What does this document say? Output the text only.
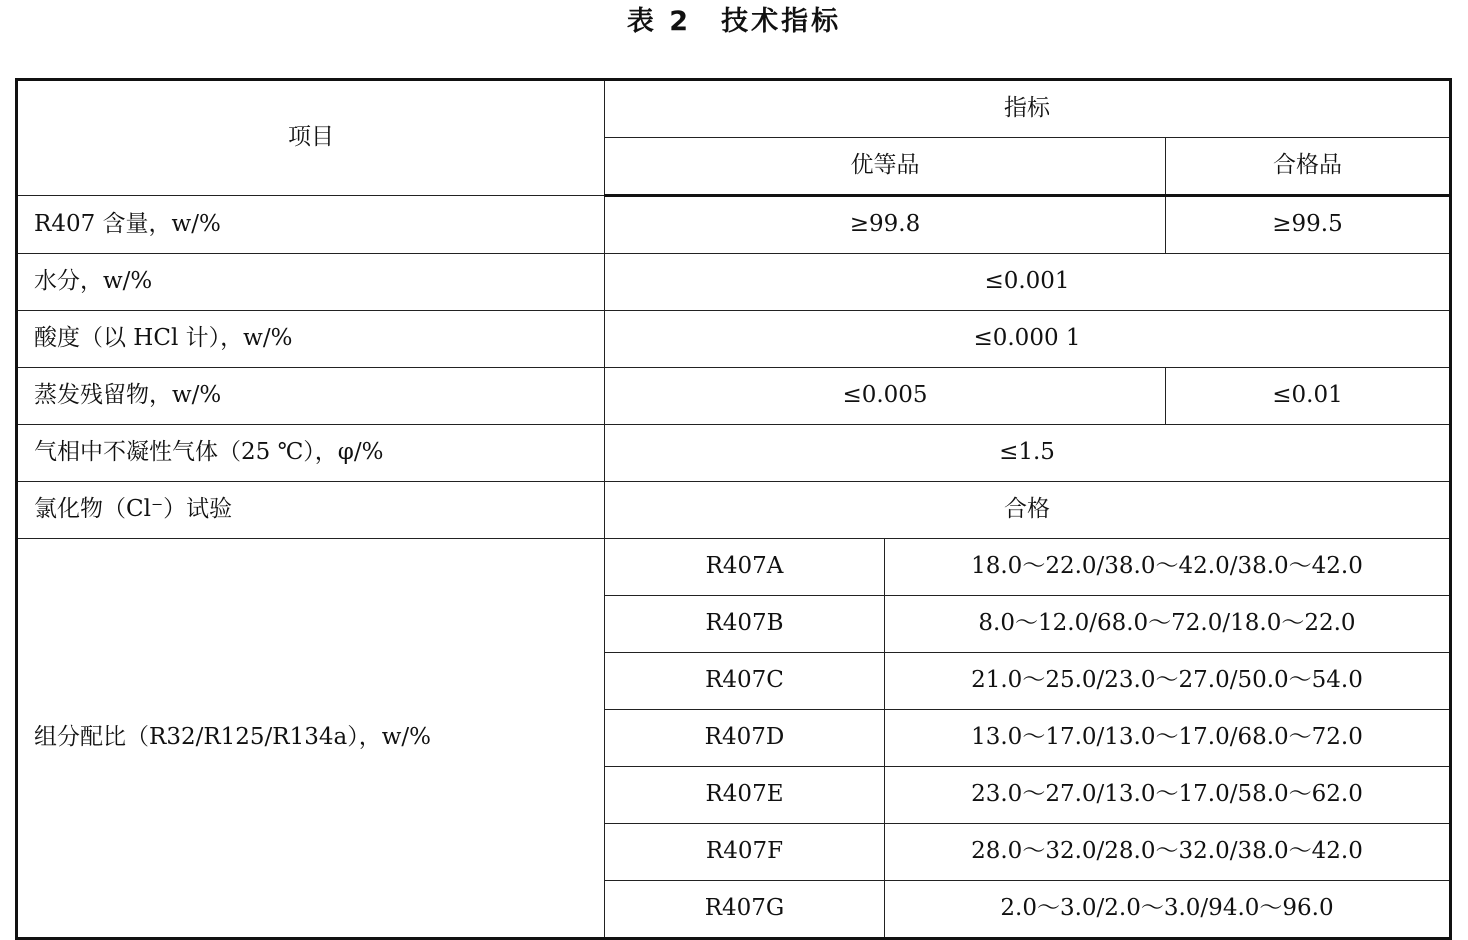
表 2　技术指标
项目	指标		
	优等品		合格品
R407 含量，w/%	≥99.8		≥99.5
水分，w/%	≤0.001		
酸度（以 HCl 计），w/%	≤0.000 1		
蒸发残留物，w/%	≤0.005		≤0.01
气相中不凝性气体（25 ℃），φ/%	≤1.5		
氯化物（Cl⁻）试验	合格		
组分配比（R32/R125/R134a），w/%	R407A	18.0～22.0/38.0～42.0/38.0～42.0	
	R407B	8.0～12.0/68.0～72.0/18.0～22.0	
	R407C	21.0～25.0/23.0～27.0/50.0～54.0	
	R407D	13.0～17.0/13.0～17.0/68.0～72.0	
	R407E	23.0～27.0/13.0～17.0/58.0～62.0	
	R407F	28.0～32.0/28.0～32.0/38.0～42.0	
	R407G	2.0～3.0/2.0～3.0/94.0～96.0	
